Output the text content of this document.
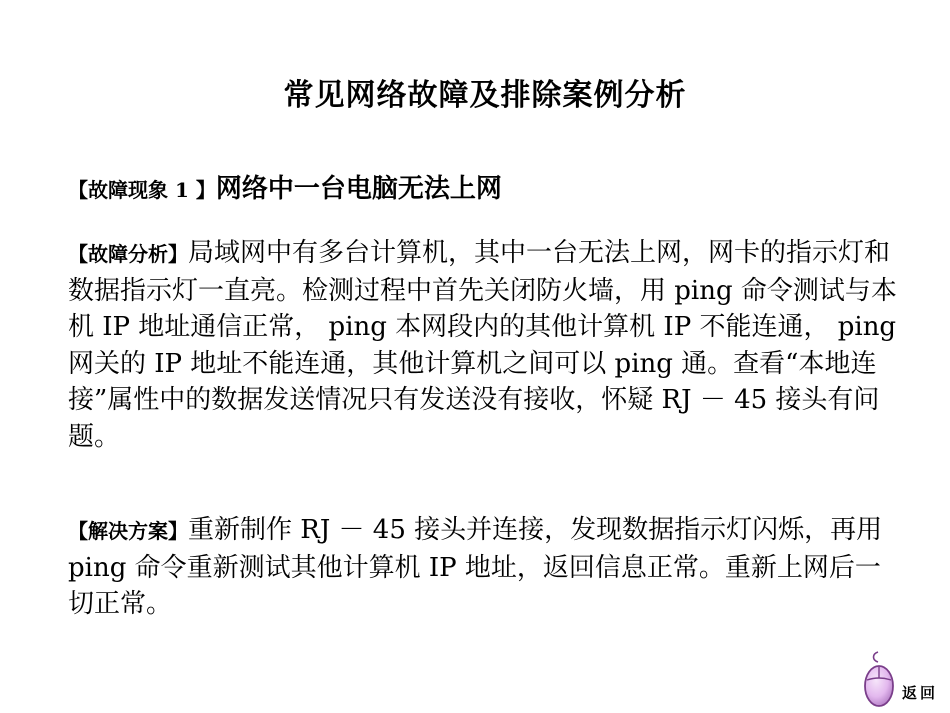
常见网络故障及排除案例分析
【故障现象 1 】网络中一台电脑无法上网
【故障分析】局域网中有多台计算机，其中一台无法上网，网卡的指示灯和数据指示灯一直亮。检测过程中首先关闭防火墙，用 ping 命令测试与本机 IP 地址通信正常， ping 本网段内的其他计算机 IP 不能连通， ping 网关的 IP 地址不能连通，其他计算机之间可以 ping 通。查看“本地连接”属性中的数据发送情况只有发送没有接收，怀疑 RJ － 45 接头有问题。
【解决方案】重新制作 RJ － 45 接头并连接，发现数据指示灯闪烁，再用 ping 命令重新测试其他计算机 IP 地址，返回信息正常。重新上网后一切正常。
返回
